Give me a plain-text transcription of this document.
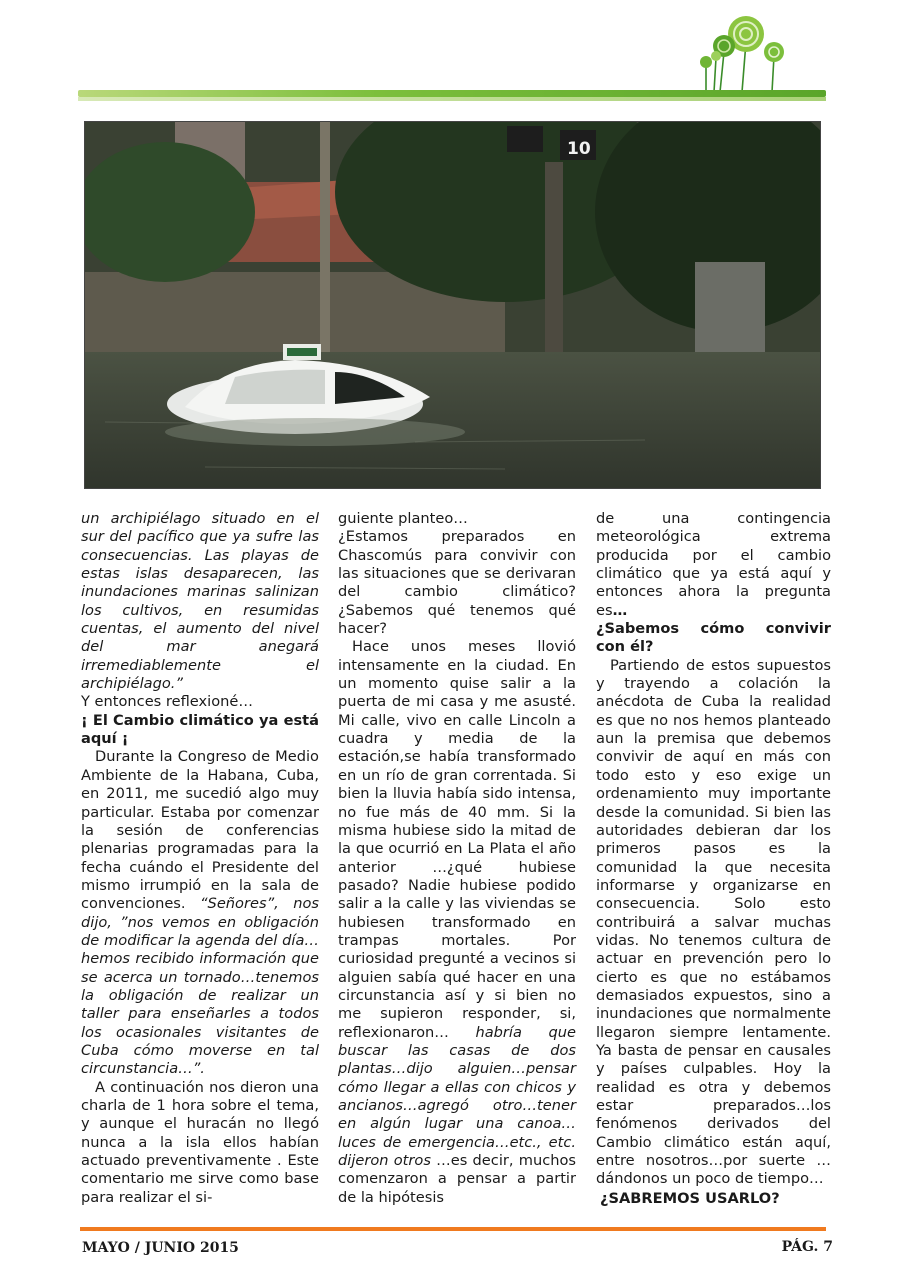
10

un archipiélago situado en el sur del pacífico que ya sufre las consecuencias. Las playas de estas islas desaparecen, las inundaciones marinas salinizan los cultivos, en resumidas cuentas, el aumento del nivel del mar anegará irremediablemente el archipiélago.”

Y entonces reflexioné…

¡ El Cambio climático ya está aquí ¡

Durante la Congreso de Medio Ambiente de la Habana, Cuba, en 2011, me sucedió algo muy particular. Estaba por comenzar la sesión de conferencias plenarias programadas para la fecha cuándo el Presidente del mismo irrumpió en la sala de convenciones. “Señores”, nos dijo, ”nos vemos en obligación de modificar la agenda del día…hemos recibido información que se acerca un tornado…tenemos la obligación de realizar un taller para enseñarles a todos los ocasionales visitantes de Cuba cómo moverse en tal circunstancia…”.

A continuación nos dieron una charla de 1 hora sobre el tema, y aunque el huracán no llegó nunca a la isla ellos habían actuado preventivamente . Este comentario me sirve como base para realizar el si-

guiente planteo…

¿Estamos preparados en Chascomús para convivir con las situaciones que se derivaran del cambio climático? ¿Sabemos qué tenemos qué hacer?

Hace unos meses llovió intensamente en la ciudad. En un momento quise salir a la puerta de mi casa y me asusté. Mi calle, vivo en calle Lincoln a cuadra y media de la estación,se había transformado en un río de gran correntada. Si bien la lluvia había sido intensa, no fue más de 40 mm. Si la misma hubiese sido la mitad de la que ocurrió en La Plata el año anterior …¿qué hubiese pasado? Nadie hubiese podido salir a la calle y las viviendas se hubiesen transformado en trampas mortales. Por curiosidad pregunté a vecinos si alguien sabía qué hacer en una circunstancia así y si bien no me supieron responder, si, reflexionaron… habría que buscar las casas de dos plantas…dijo alguien…pensar cómo llegar a ellas con chicos y ancianos…agregó otro…tener en algún lugar una canoa…luces de emergencia…etc., etc. dijeron otros …es decir, muchos comenzaron a pensar a partir de la hipótesis

de una contingencia meteorológica extrema producida por el cambio climático que ya está aquí y entonces ahora la pregunta es…

¿Sabemos cómo convivir con él?

Partiendo de estos supuestos y trayendo a colación la anécdota de Cuba la realidad es que no nos hemos planteado aun la premisa que debemos convivir de aquí en más con todo esto y eso exige un ordenamiento muy importante desde la comunidad. Si bien las autoridades debieran dar los primeros pasos es la comunidad la que necesita informarse y organizarse en consecuencia. Solo esto contribuirá a salvar muchas vidas. No tenemos cultura de actuar en prevención pero lo cierto es que no estábamos demasiados expuestos, sino a inundaciones que normalmente llegaron siempre lentamente. Ya basta de pensar en causales y países culpables. Hoy la realidad es otra y debemos estar preparados…los fenómenos derivados del Cambio climático están aquí, entre nosotros…por suerte … dándonos un poco de tiempo…

¿SABREMOS USARLO?

MAYO / JUNIO 2015	PÁG. 7
